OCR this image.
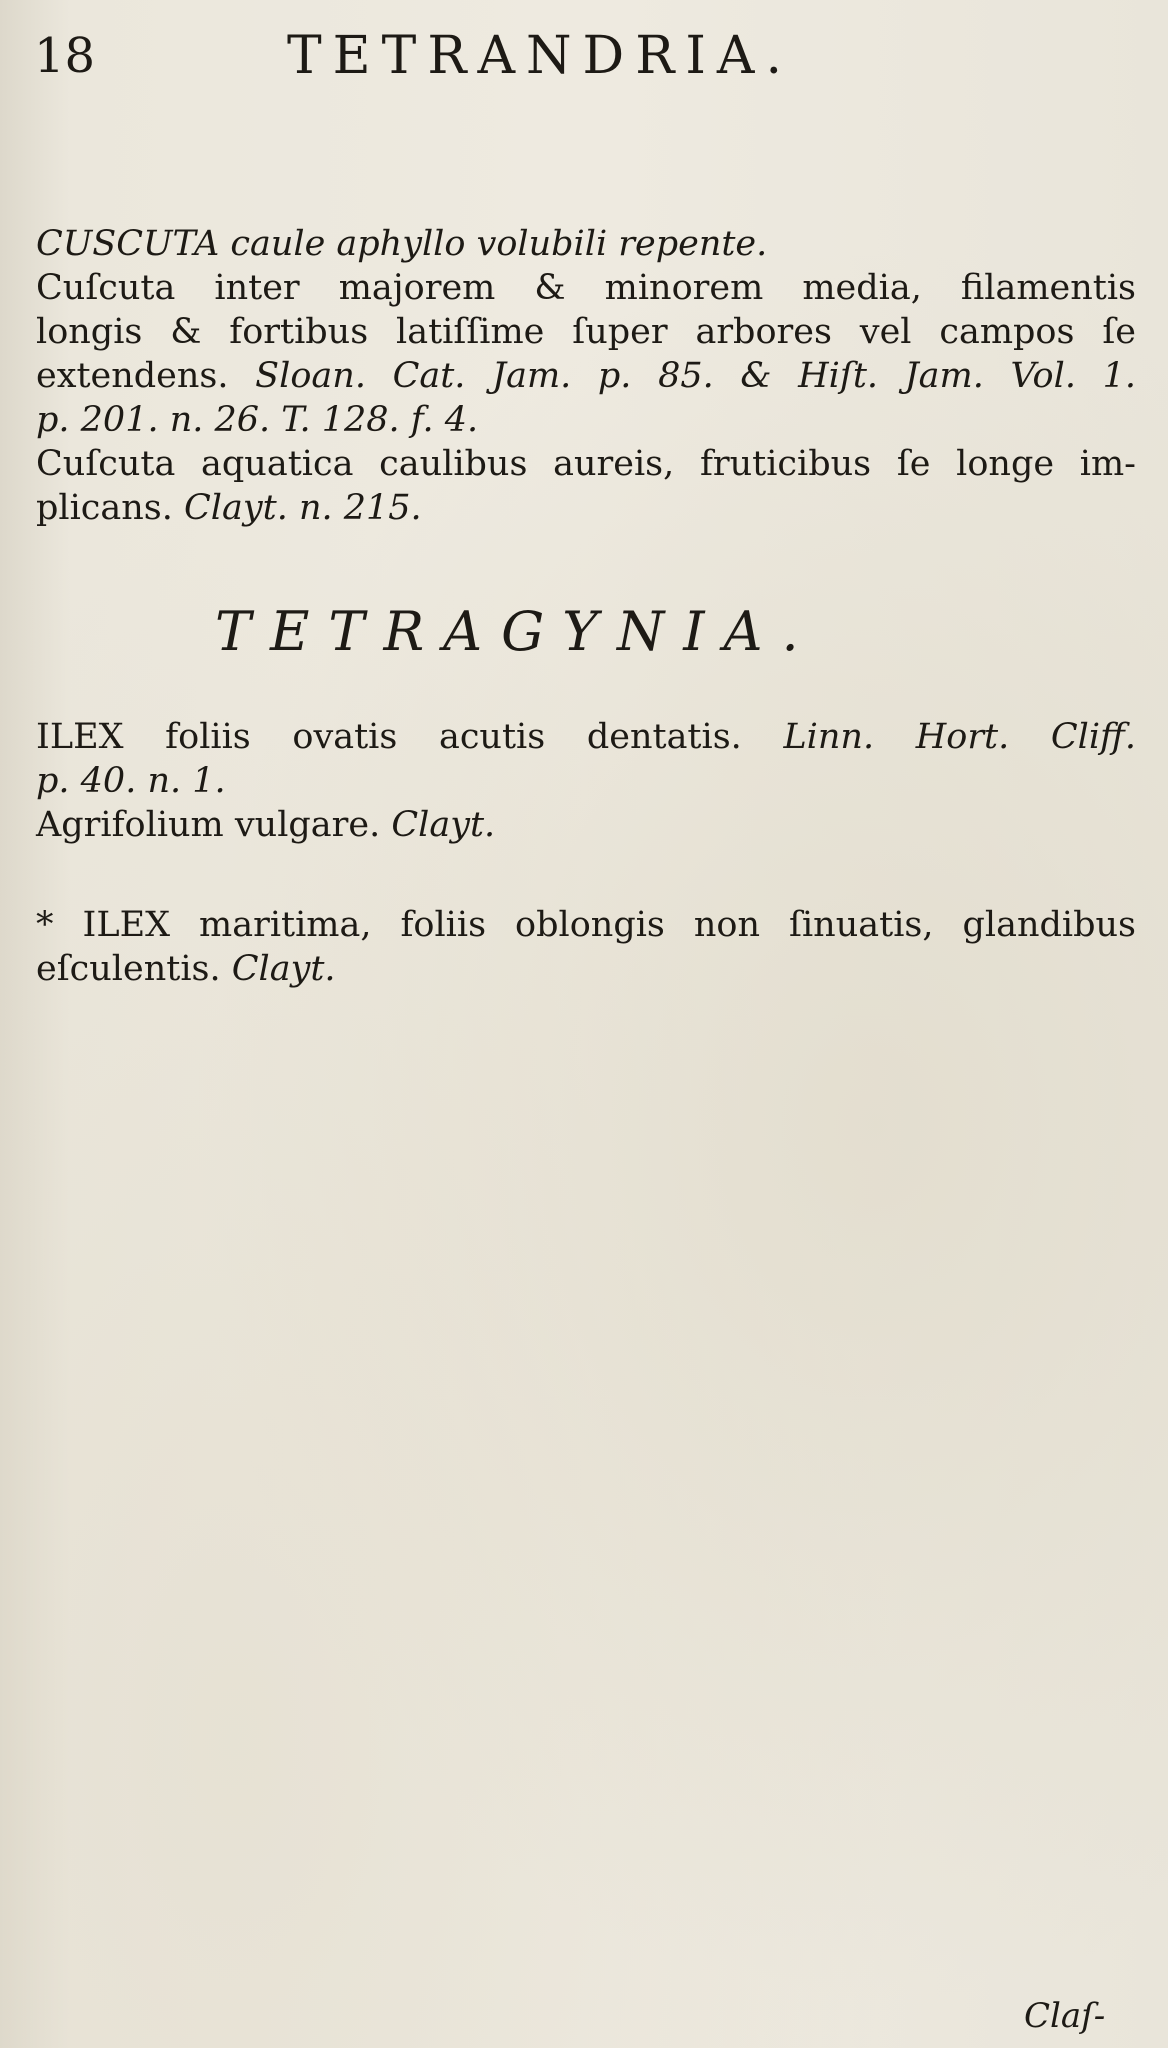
18	TETRANDRIA.
CUSCUTA caule aphyllo volubili repente.
Cuſcuta inter majorem & minorem media, filamentis
longis & fortibus latiſſime ſuper arbores vel campos ſe
extendens. Sloan. Cat. Jam. p. 85. & Hiſt. Jam. Vol. 1.
p. 201. n. 26. T. 128. f. 4.
Cuſcuta aquatica caulibus aureis, fruticibus ſe longe im-
plicans. Clayt. n. 215.
TETRAGYNIA.
ILEX foliis ovatis acutis dentatis. Linn. Hort. Cliff.
p. 40. n. 1.
Agrifolium vulgare. Clayt.
* ILEX maritima, foliis oblongis non ſinuatis, glandibus
eſculentis. Clayt.
Claſ-
